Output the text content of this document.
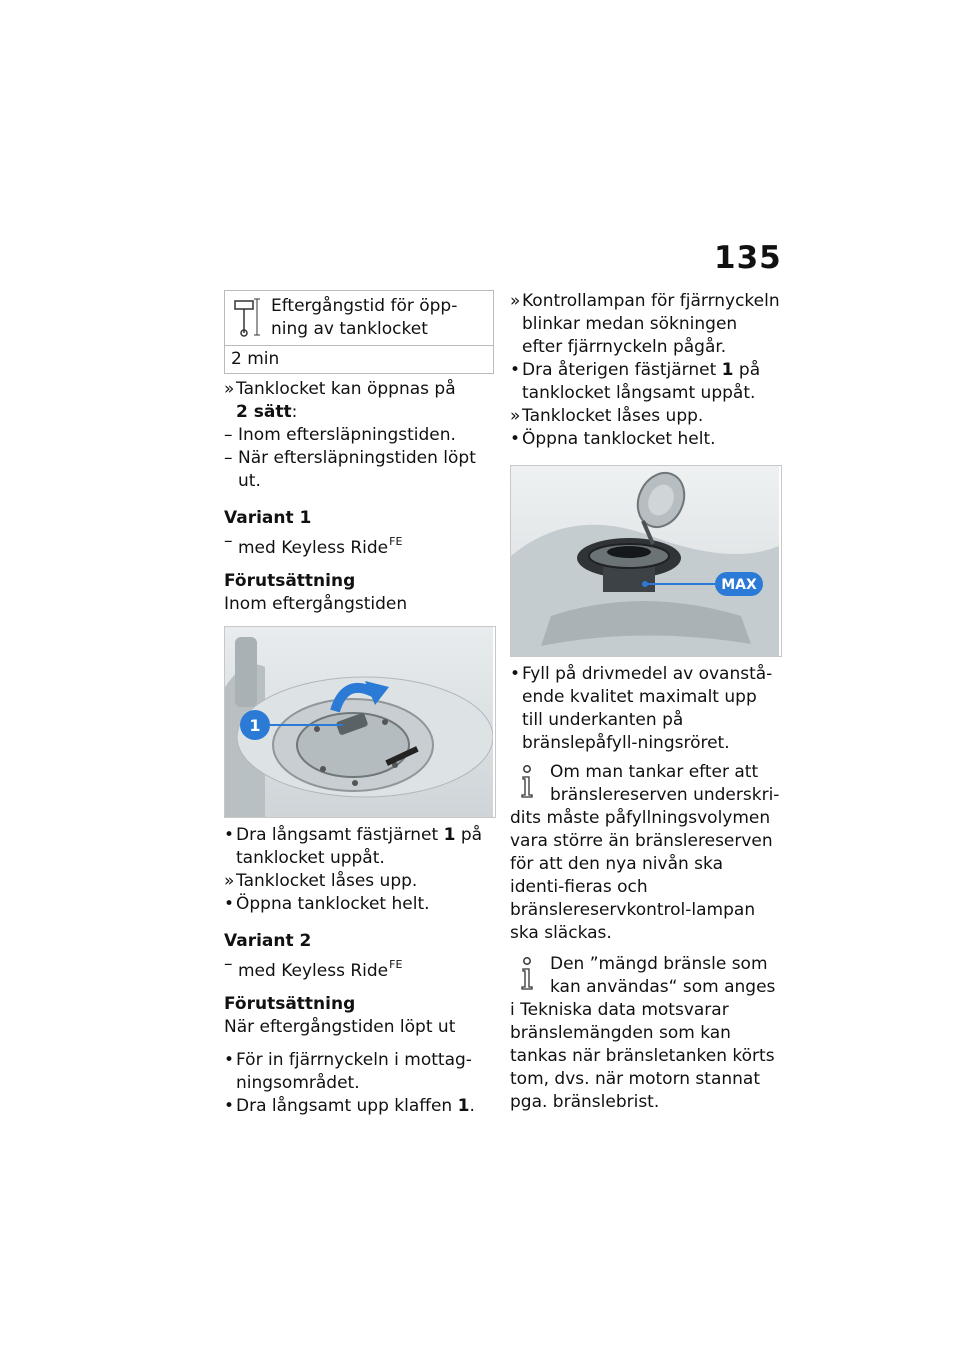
135
Eftergångstid för öpp-ning av tanklocket
2 min
» Tanklocket kan öppnas på
2 sätt:
– Inom eftersläpningstiden.
– När eftersläpningstiden löpt ut.
Variant 1
– med Keyless Ride$^{FE}$
Förutsättning
Inom eftergångstiden
1
• Dra långsamt fästjärnet 1 på tanklocket uppåt.
» Tanklocket låses upp.
• Öppna tanklocket helt.
Variant 2
– med Keyless Ride$^{FE}$
Förutsättning
När eftergångstiden löpt ut
• För in fjärrnyckeln i mottag-ningsområdet.
• Dra långsamt upp klaffen 1.
» Kontrollampan för fjärrnyckeln blinkar medan sökningen efter fjärrnyckeln pågår.
• Dra återigen fästjärnet 1 på tanklocket långsamt uppåt.
» Tanklocket låses upp.
• Öppna tanklocket helt.
MAX
• Fyll på drivmedel av ovanstå-ende kvalitet maximalt upp till underkanten på bränslepåfyll-ningsröret.
Om man tankar efter att bränslereserven underskri-dits måste påfyllningsvolymen vara större än bränslereserven för att den nya nivån ska identi-fieras och bränslereservkontrol-lampan ska släckas.
Den ”mängd bränsle som kan användas“ som anges i Tekniska data motsvarar bränslemängden som kan tankas när bränsletanken körts tom, dvs. när motorn stannat pga. bränslebrist.
